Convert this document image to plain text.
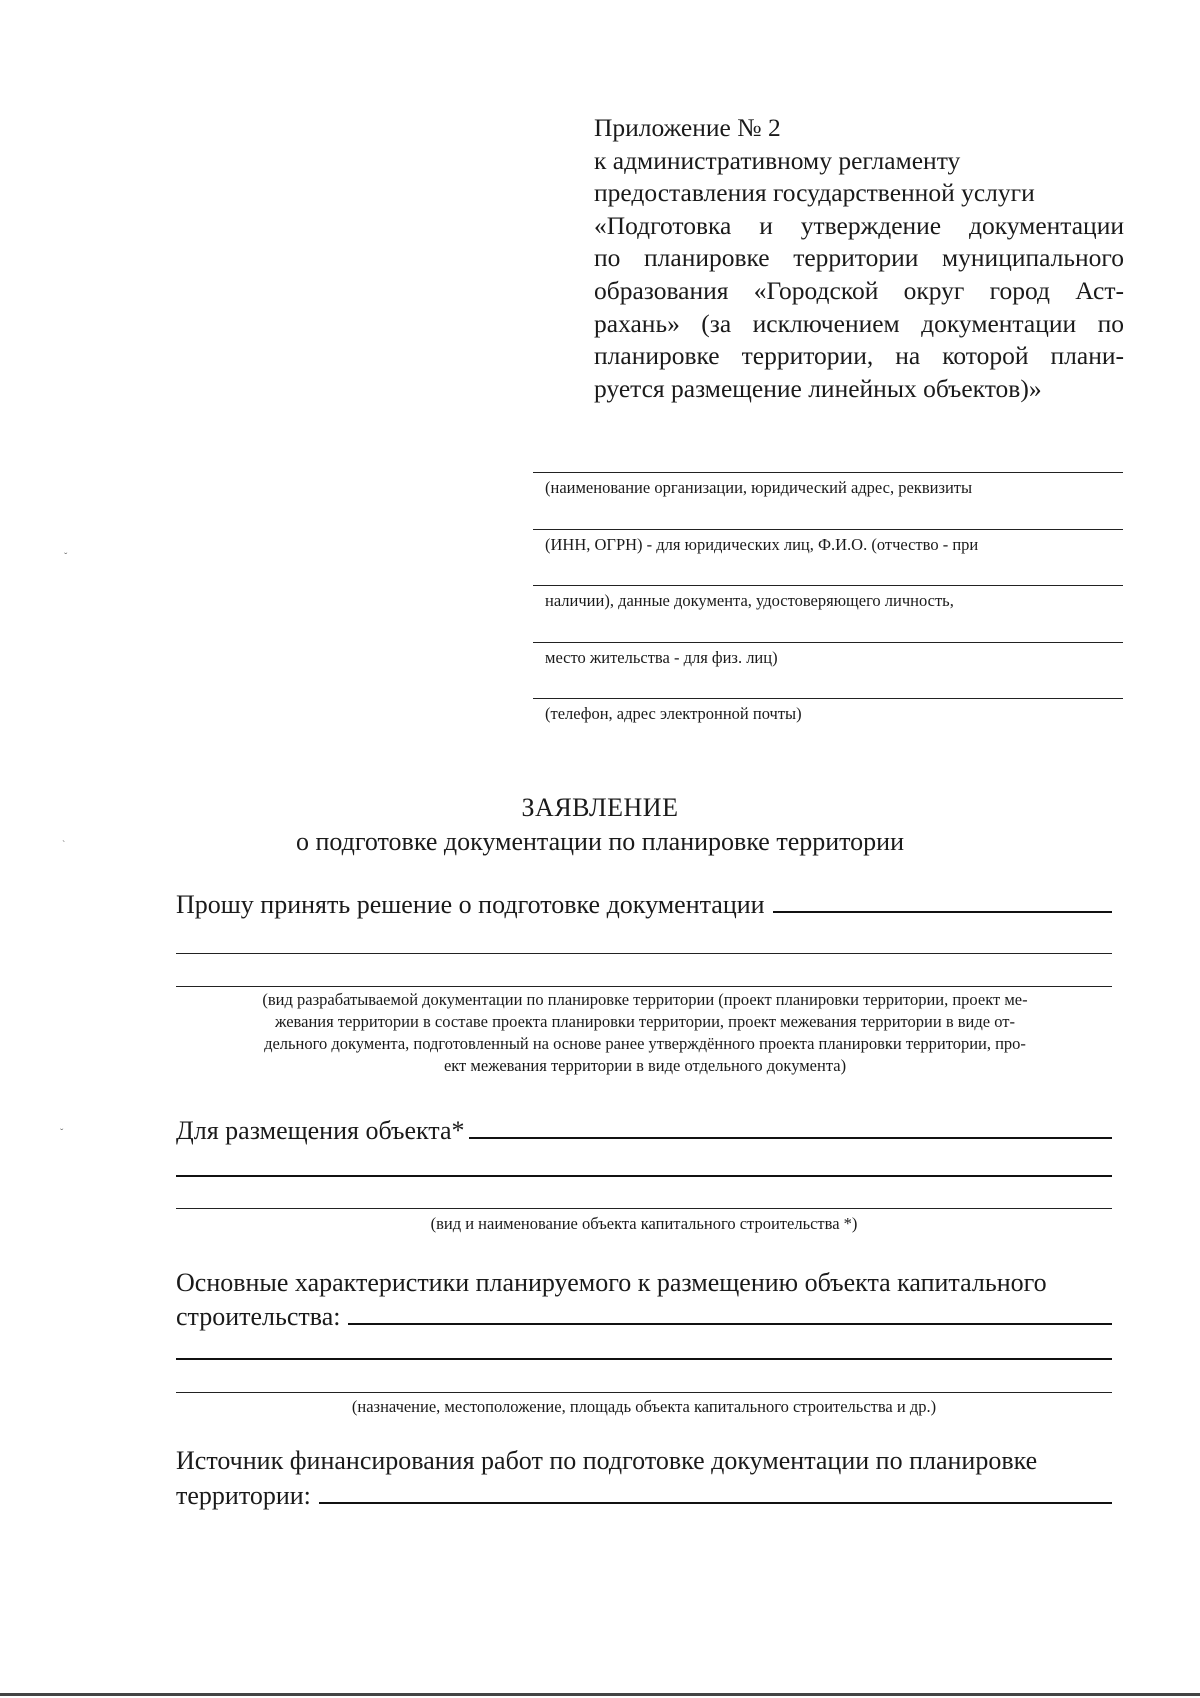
Приложение № 2
к административному регламенту
предоставления государственной услуги
«Подготовка и утверждение документации
по планировке территории муниципального
образования «Городской округ город Аст-
рахань» (за исключением документации по
планировке территории, на которой плани-
руется размещение линейных объектов)»
(наименование организации, юридический адрес, реквизиты
(ИНН, ОГРН) - для юридических лиц, Ф.И.О. (отчество - при
наличии), данные документа, удостоверяющего личность,
место жительства - для физ. лиц)
(телефон, адрес электронной почты)
ЗАЯВЛЕНИЕ
о подготовке документации по планировке территории
Прошу принять решение о подготовке документации
(вид разрабатываемой документации по планировке территории (проект планировки территории, проект ме-
жевания территории в составе проекта планировки территории, проект межевания территории в виде от-
дельного документа, подготовленный на основе ранее утверждённого проекта планировки территории, про-
ект межевания территории в виде отдельного документа)
Для размещения объекта*
(вид и наименование объекта капитального строительства *)
Основные характеристики планируемого к размещению объекта капитального
строительства:
(назначение, местоположение, площадь объекта капитального строительства и др.)
Источник финансирования работ по подготовке документации по планировке
территории:
ˇ
ˋ
ˇ
